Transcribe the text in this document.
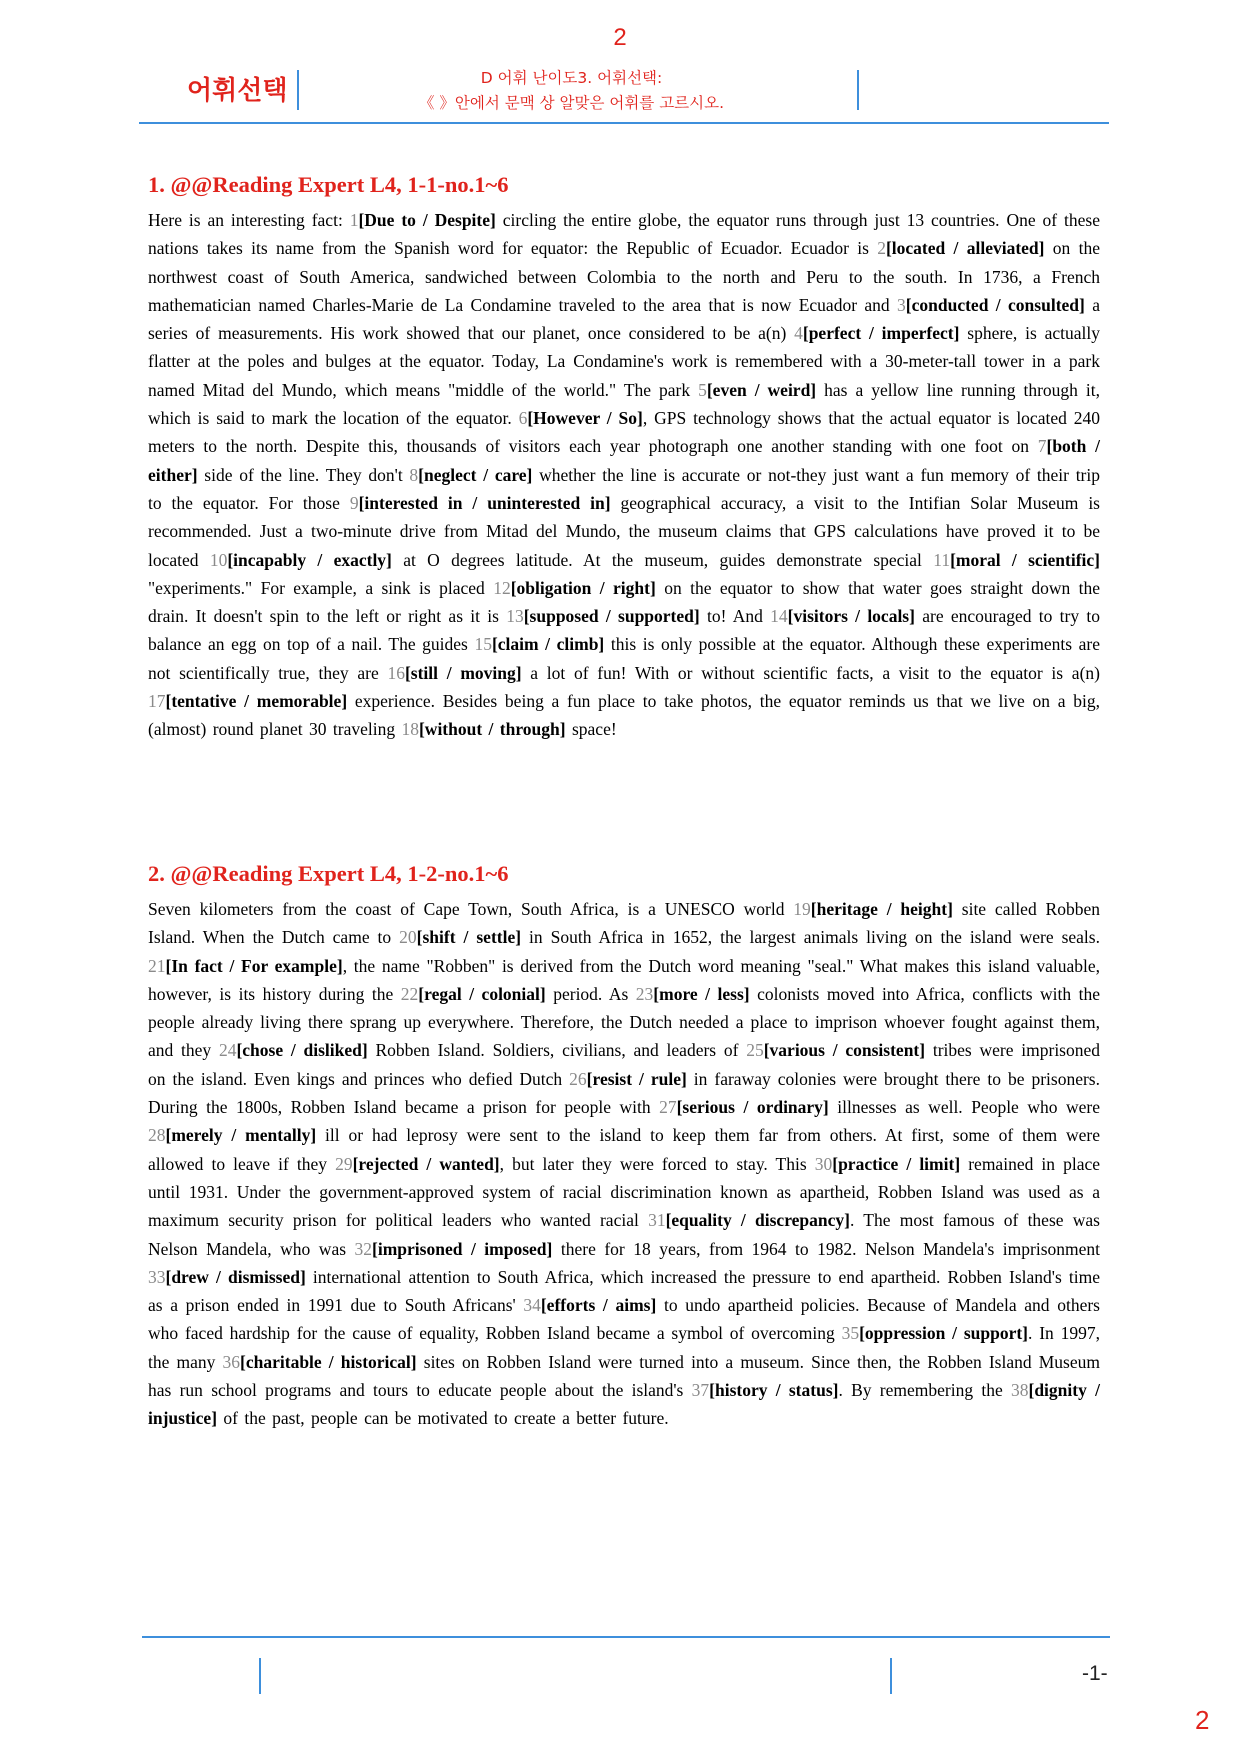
2
어휘선택	D 어휘 난이도3. 어휘선택:
《 》안에서 문맥 상 알맞은 어휘를 고르시오.
1. @@Reading Expert L4, 1-1-no.1~6

Here is an interesting fact: 1[Due to / Despite] circling the entire globe, the equator runs through just 13 countries. One of these nations takes its name from the Spanish word for equator: the Republic of Ecuador. Ecuador is 2[located / alleviated] on the northwest coast of South America, sandwiched between Colombia to the north and Peru to the south. In 1736, a French mathematician named Charles-Marie de La Condamine traveled to the area that is now Ecuador and 3[conducted / consulted] a series of measurements. His work showed that our planet, once considered to be a(n) 4[perfect / imperfect] sphere, is actually flatter at the poles and bulges at the equator. Today, La Condamine's work is remembered with a 30-meter-tall tower in a park named Mitad del Mundo, which means "middle of the world." The park 5[even / weird] has a yellow line running through it, which is said to mark the location of the equator. 6[However / So], GPS technology shows that the actual equator is located 240 meters to the north. Despite this, thousands of visitors each year photograph one another standing with one foot on 7[both / either] side of the line. They don't 8[neglect / care] whether the line is accurate or not-they just want a fun memory of their trip to the equator. For those 9[interested in / uninterested in] geographical accuracy, a visit to the Intifian Solar Museum is recommended. Just a two-minute drive from Mitad del Mundo, the museum claims that GPS calculations have proved it to be located 10[incapably / exactly] at O degrees latitude. At the museum, guides demonstrate special 11[moral / scientific] "experiments." For example, a sink is placed 12[obligation / right] on the equator to show that water goes straight down the drain. It doesn't spin to the left or right as it is 13[supposed / supported] to! And 14[visitors / locals] are encouraged to try to balance an egg on top of a nail. The guides 15[claim / climb] this is only possible at the equator. Although these experiments are not scientifically true, they are 16[still / moving] a lot of fun! With or without scientific facts, a visit to the equator is a(n) 17[tentative / memorable] experience. Besides being a fun place to take photos, the equator reminds us that we live on a big, (almost) round planet 30 traveling 18[without / through] space!

2. @@Reading Expert L4, 1-2-no.1~6

Seven kilometers from the coast of Cape Town, South Africa, is a UNESCO world 19[heritage / height] site called Robben Island. When the Dutch came to 20[shift / settle] in South Africa in 1652, the largest animals living on the island were seals. 21[In fact / For example], the name "Robben" is derived from the Dutch word meaning "seal." What makes this island valuable, however, is its history during the 22[regal / colonial] period. As 23[more / less] colonists moved into Africa, conflicts with the people already living there sprang up everywhere. Therefore, the Dutch needed a place to imprison whoever fought against them, and they 24[chose / disliked] Robben Island. Soldiers, civilians, and leaders of 25[various / consistent] tribes were imprisoned on the island. Even kings and princes who defied Dutch 26[resist / rule] in faraway colonies were brought there to be prisoners. During the 1800s, Robben Island became a prison for people with 27[serious / ordinary] illnesses as well. People who were 28[merely / mentally] ill or had leprosy were sent to the island to keep them far from others. At first, some of them were allowed to leave if they 29[rejected / wanted], but later they were forced to stay. This 30[practice / limit] remained in place until 1931. Under the government-approved system of racial discrimination known as apartheid, Robben Island was used as a maximum security prison for political leaders who wanted racial 31[equality / discrepancy]. The most famous of these was Nelson Mandela, who was 32[imprisoned / imposed] there for 18 years, from 1964 to 1982. Nelson Mandela's imprisonment 33[drew / dismissed] international attention to South Africa, which increased the pressure to end apartheid. Robben Island's time as a prison ended in 1991 due to South Africans' 34[efforts / aims] to undo apartheid policies. Because of Mandela and others who faced hardship for the cause of equality, Robben Island became a symbol of overcoming 35[oppression / support]. In 1997, the many 36[charitable / historical] sites on Robben Island were turned into a museum. Since then, the Robben Island Museum has run school programs and tours to educate people about the island's 37[history / status]. By remembering the 38[dignity / injustice] of the past, people can be motivated to create a better future.

-1-
2
